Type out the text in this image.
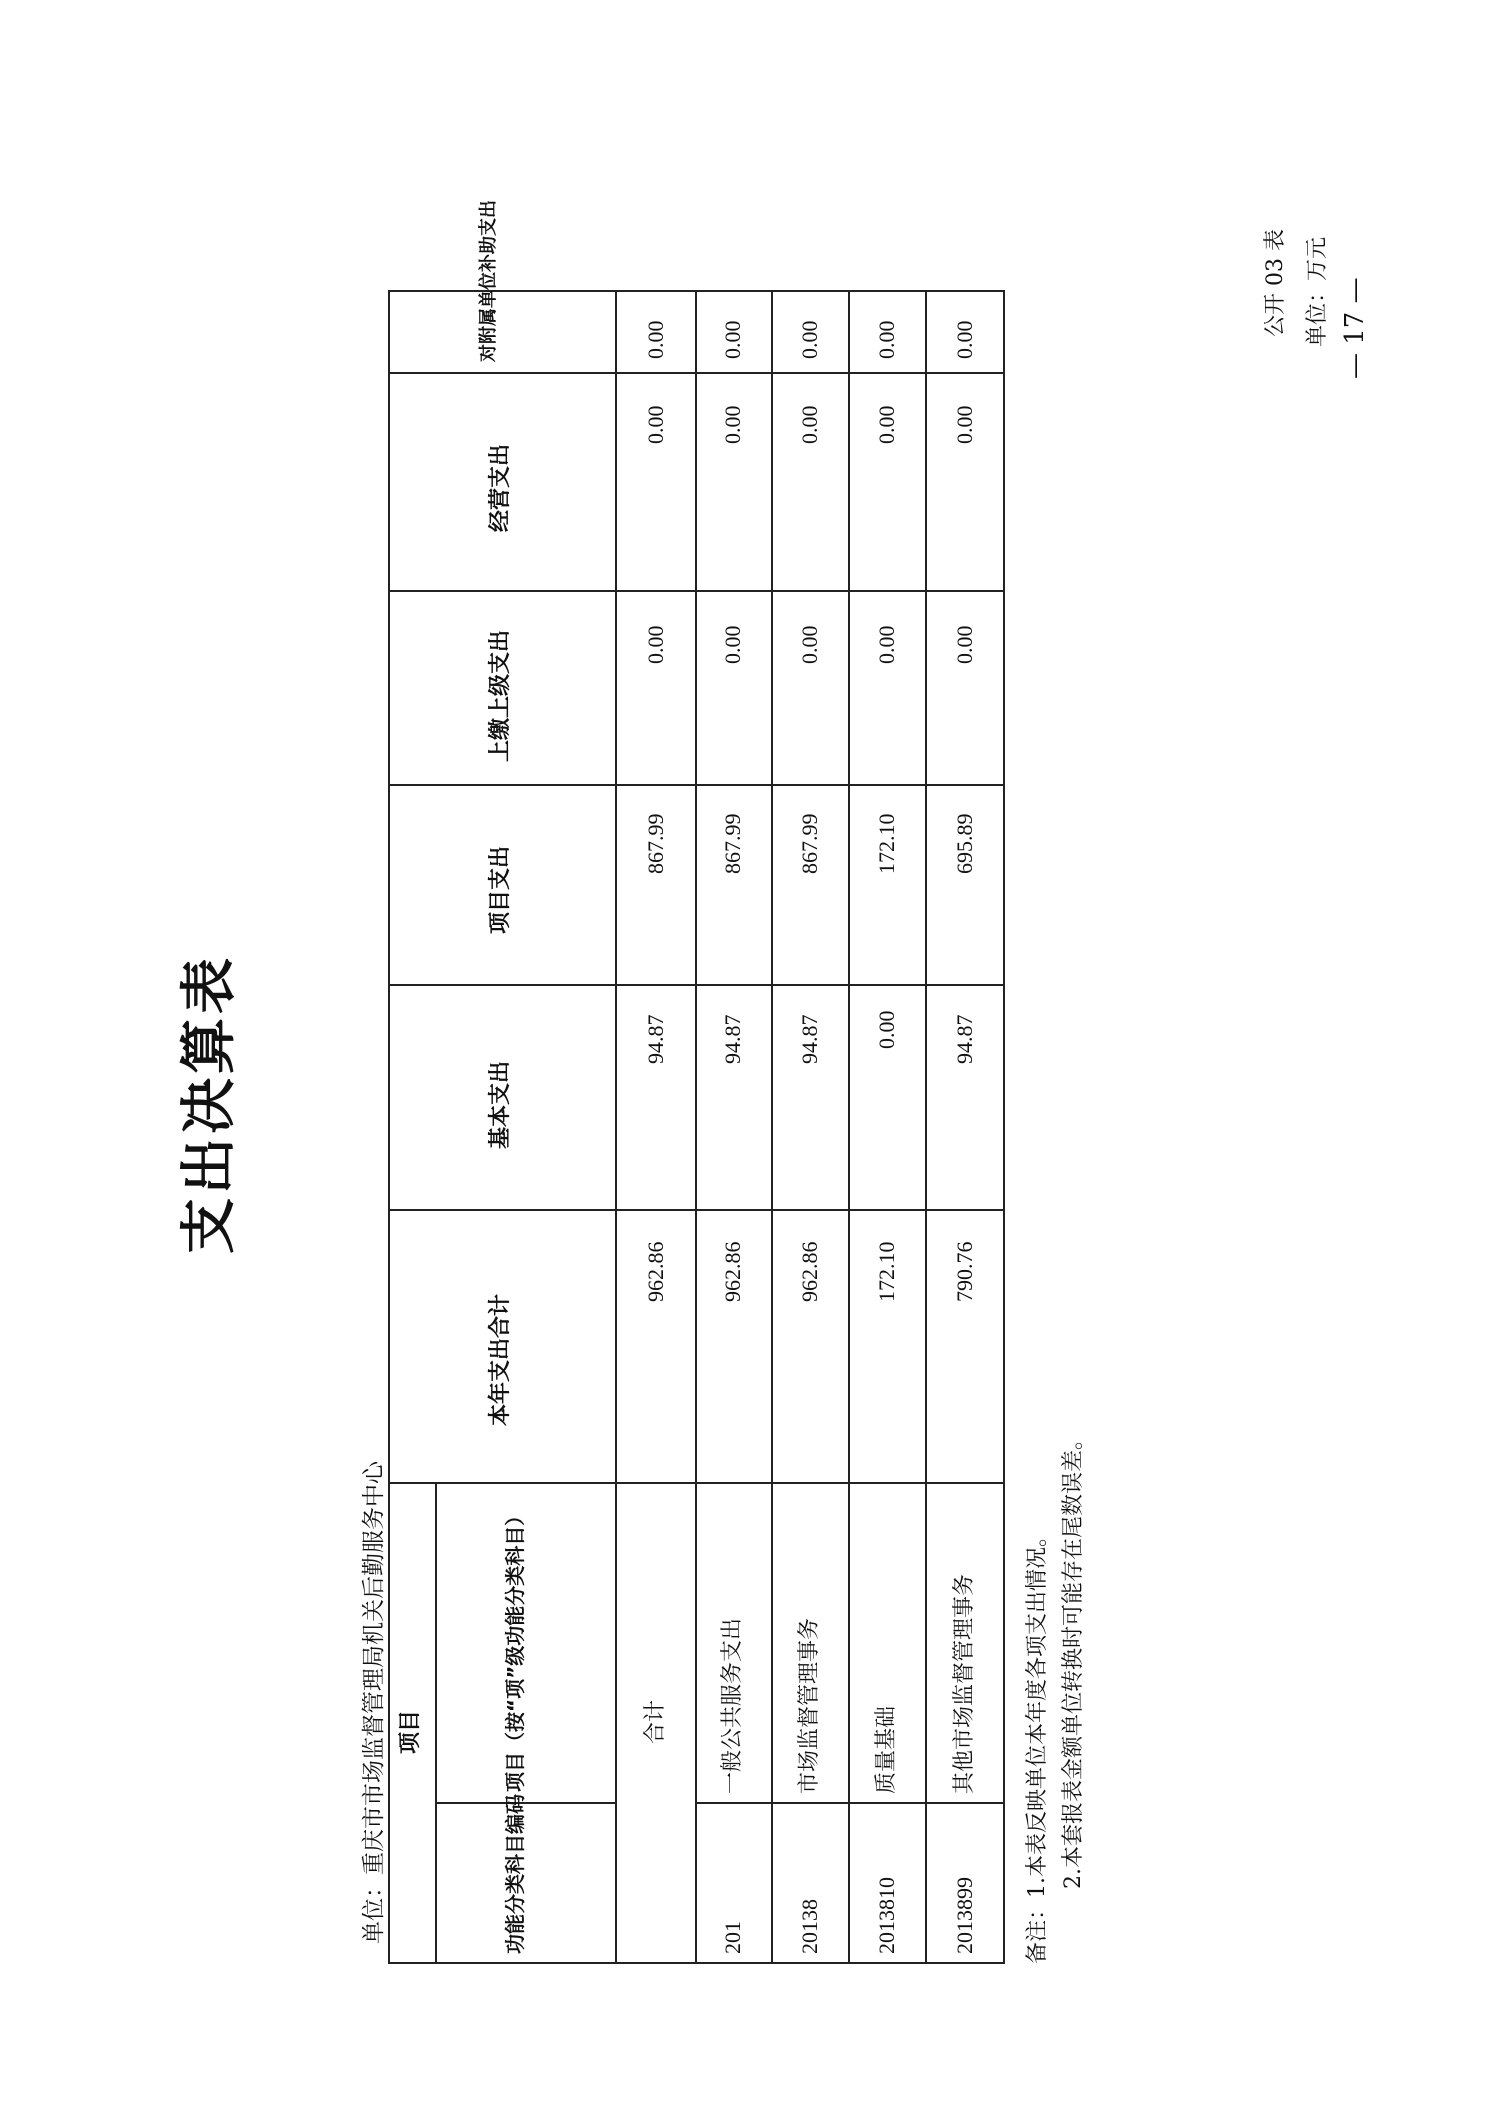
支出决算表
公开 03 表 单位：万元
单位：重庆市市场监督管理局机关后勤服务中心 项目
功能分类科目编码
项目（按“项”级功能分类科目）
本年支出合计
基本支出
项目支出
上缴上级支出
经营支出
对附属单位补助支出
合计
962.86
94.87
867.99
0.00
0.00
0.00
201
一般公共服务支出
962.86
94.87
867.99
0.00
0.00
20138
市场监督管理事务
962.86
94.87
867.99
0.00
0.00
2013810
质量基础
172.10
0.00
172.10
0.00
0.00
2013899
其他市场监督管理事务
790.76
94.87
695.89
0.00
0.00
0.00 0.00 0.00 0.00
备注：1.本表反映单位本年度各项支出情况。 2.本套报表金额单位转换时可能存在尾数误差。
— 17 —
